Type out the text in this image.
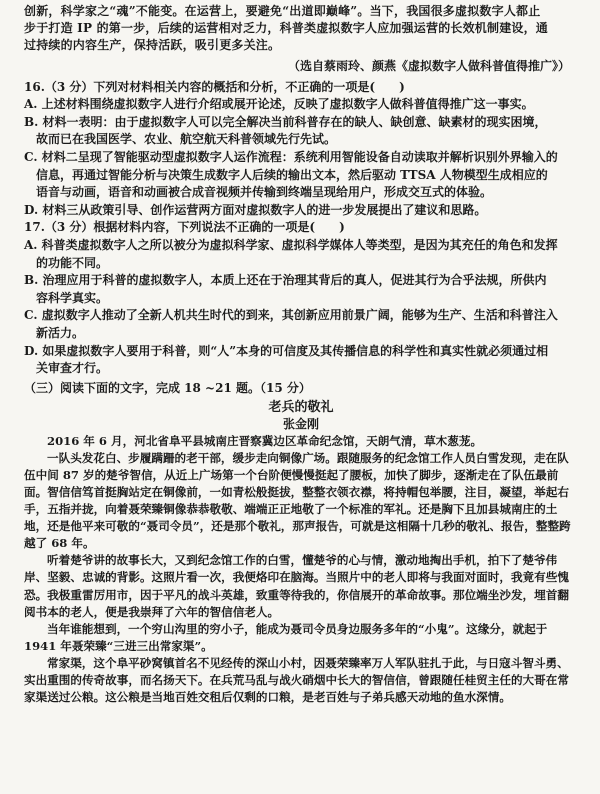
创新，科学家之“魂”不能变。在运营上，要避免“出道即巅峰”。当下，我国很多虚拟数字人都止

步于打造 IP 的第一步，后续的运营相对乏力，科普类虚拟数字人应加强运营的长效机制建设，通

过持续的内容生产，保持活跃，吸引更多关注。

（选自蔡雨玲、颜燕《虚拟数字人做科普值得推广》）

16.（3 分）下列对材料相关内容的概括和分析，不正确的一项是(　　)

A. 上述材料围绕虚拟数字人进行介绍或展开论述，反映了虚拟数字人做科普值得推广这一事实。

B. 材料一表明：由于虚拟数字人可以完全解决当前科普存在的缺人、缺创意、缺素材的现实困境，故而已在我国医学、农业、航空航天科普领域先行先试。

C. 材料二呈现了智能驱动型虚拟数字人运作流程：系统利用智能设备自动读取并解析识别外界输入的信息，再通过智能分析与决策生成数字人后续的输出文本，然后驱动 TTSA 人物模型生成相应的语音与动画，语音和动画被合成音视频并传输到终端呈现给用户，形成交互式的体验。

D. 材料三从政策引导、创作运营两方面对虚拟数字人的进一步发展提出了建议和思路。

17.（3 分）根据材料内容，下列说法不正确的一项是(　　)

A. 科普类虚拟数字人之所以被分为虚拟科学家、虚拟科学媒体人等类型，是因为其充任的角色和发挥的功能不同。

B. 治理应用于科普的虚拟数字人，本质上还在于治理其背后的真人，促进其行为合乎法规，所供内容科学真实。

C. 虚拟数字人推动了全新人机共生时代的到来，其创新应用前景广阔，能够为生产、生活和科普注入新活力。

D. 如果虚拟数字人要用于科普，则“人”本身的可信度及其传播信息的科学性和真实性就必须通过相关审查才行。

（三）阅读下面的文字，完成 18 ~21 题。（15 分）

老兵的敬礼

张金刚

2016 年 6 月，河北省阜平县城南庄晋察冀边区革命纪念馆，天朗气清，草木葱茏。

一队头发花白、步履蹒跚的老干部，缓步走向铜像广场。跟随服务的纪念馆工作人员白雪发现，走在队伍中间 87 岁的楚爷智信，从近上广场第一个台阶便慢慢挺起了腰板，加快了脚步，逐渐走在了队伍最前面。智信信笃首挺胸站定在铜像前，一如青松般挺拔，整整衣领衣襟，将持帽包举腰，注目，凝望，举起右手，五指并拢，向着聂荣臻铜像恭恭敬敬、端端正正地敬了一个标准的军礼。还是胸下且加县城南庄的土地，还是他平来可敬的“聂司令员”，还是那个敬礼，那声报告，可就是这相隔十几秒的敬礼、报告，整整跨越了 68 年。

听着楚爷讲的故事长大，又到纪念馆工作的白雪，懂楚爷的心与情，激动地掏出手机，拍下了楚爷伟岸、坚毅、忠诚的背影。这照片看一次，我便烙印在脑海。当照片中的老人即将与我面对面时，我竟有些愧恐。我极重雷厉用市，因于平凡的战斗英雄，致重等待我的，你信展开的革命故事。那位端坐沙发，埋首翻阅书本的老人，便是我崇拜了六年的智信信老人。

当年谁能想到，一个穷山沟里的穷小子，能成为聂司令员身边服务多年的“小鬼”。这缘分，就起于 1941 年聂荣臻“三进三出常家渠”。

常家渠，这个阜平砂窝镇首名不见经传的深山小村，因聂荣臻率万人军队驻扎于此，与日寇斗智斗勇、实出重围的传奇故事，而名扬天下。在兵荒马乱与战火硝烟中长大的智信信，曾跟随任桂贸主任的大哥在常家渠送过公粮。这公粮是当地百姓交租后仅剩的口粮，是老百姓与子弟兵感天动地的鱼水深情。
